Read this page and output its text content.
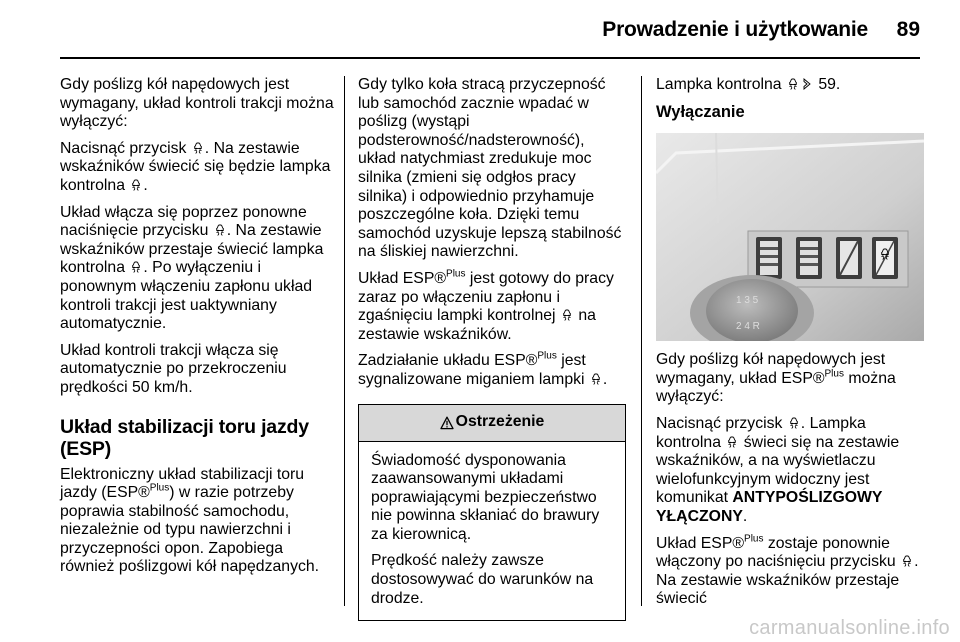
Prowadzenie i użytkowanie 89

Gdy poślizg kół napędowych jest wymagany, układ kontroli trakcji można wyłączyć:

Nacisnąć przycisk
. Na zestawie wskaźników świecić się będzie lampka kontrolna
.

Układ włącza się poprzez ponowne naciśnięcie przycisku
. Na zestawie wskaźników przestaje świecić lampka kontrolna
. Po wyłączeniu i ponownym włączeniu zapłonu układ kontroli trakcji jest uaktywniany automatycznie.

Układ kontroli trakcji włącza się automatycznie po przekroczeniu prędkości 50 km/h.

Układ stabilizacji toru jazdy (ESP)

Elektroniczny układ stabilizacji toru jazdy (ESP®$^{Plus}$) w razie potrzeby poprawia stabilność samochodu, niezależnie od typu nawierzchni i przyczepności opon. Zapobiega również poślizgowi kół napędzanych.

Gdy tylko koła stracą przyczepność lub samochód zacznie wpadać w poślizg (wystąpi podsterowność/nadsterowność), układ natychmiast zredukuje moc silnika (zmieni się odgłos pracy silnika) i odpowiednio przyhamuje poszczególne koła. Dzięki temu samochód uzyskuje lepszą stabilność na śliskiej nawierzchni.

Układ ESP®$^{Plus}$ jest gotowy do pracy zaraz po włączeniu zapłonu i zgaśnięciu lampki kontrolnej
na zestawie wskaźników.

Zadziałanie układu ESP®$^{Plus}$ jest sygnalizowane miganiem lampki
.

Ostrzeżenie

Świadomość dysponowania zaawansowanymi układami poprawiającymi bezpieczeństwo nie powinna skłaniać do brawury za kierownicą.

Prędkość należy zawsze dostosowywać do warunków na drodze.

Lampka kontrolna
59.

Wyłączanie
1 3 5
2 4 R

Gdy poślizg kół napędowych jest wymagany, układ ESP®$^{Plus}$ można wyłączyć:

Nacisnąć przycisk
. Lampka kontrolna
świeci się na zestawie wskaźników, a na wyświetlaczu wielofunkcyjnym widoczny jest komunikat ANTYPOŚLIZGOWY YŁĄCZONY.

Układ ESP®$^{Plus}$ zostaje ponownie włączony po naciśnięciu przycisku
. Na zestawie wskaźników przestaje świecić

carmanualsonline.info
